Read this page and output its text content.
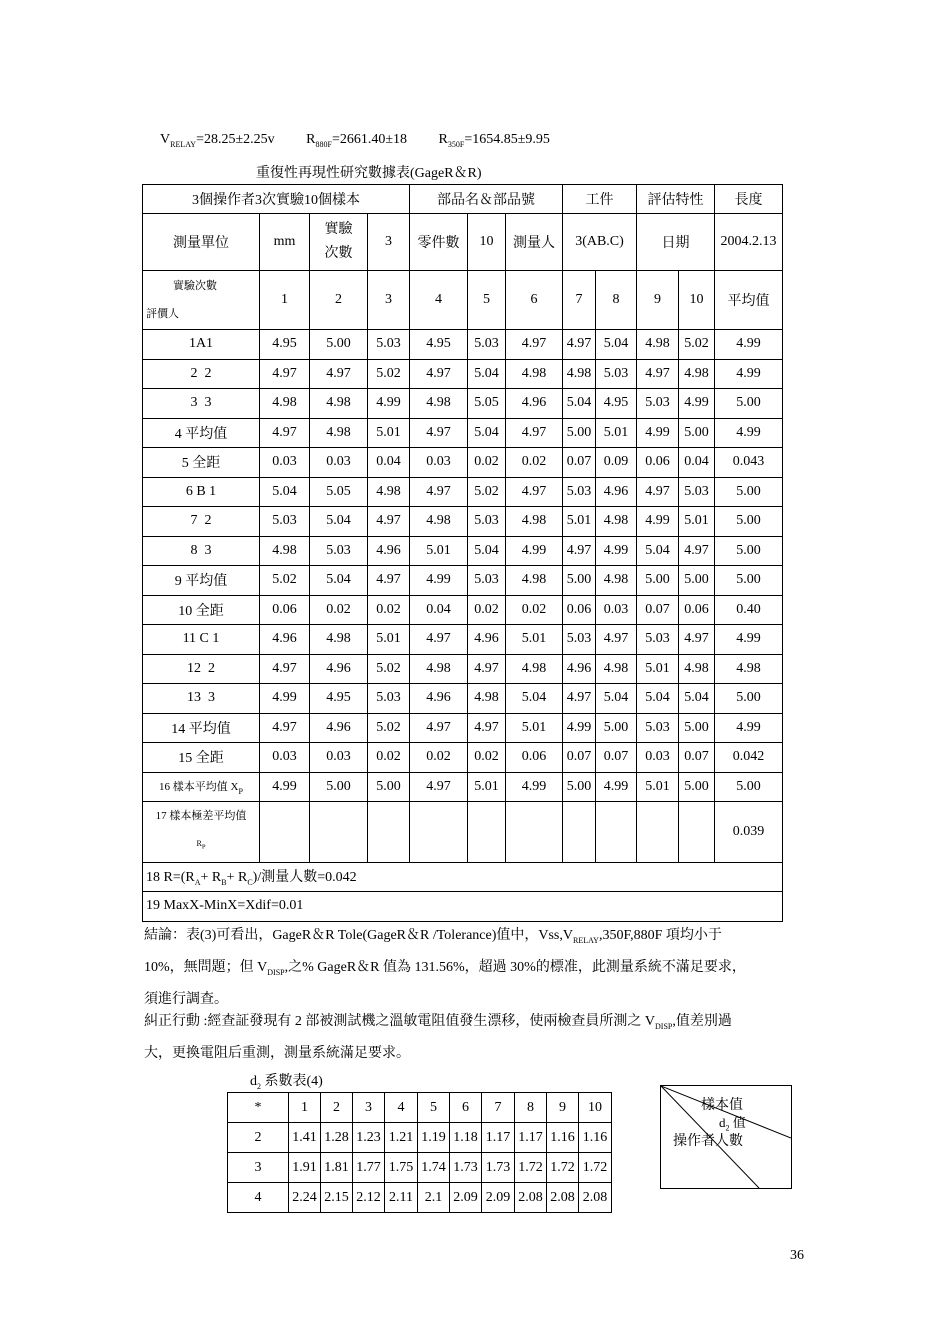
$V_{RELAY}=28.25\pm 2.25v$ $R_{880F}=2661.40\pm 18$ $R_{350F}=1654.85\pm 9.95$
重復性再現性研究數據表(GageR＆R)
3個操作者3次實驗10個樣本				部品名＆部品號			工件		評估特性		長度
測量單位	mm	實驗
次數	3	零件數	10	測量人	3(AB.C)		日期		2004.2.13

實驗次數
評價人	1	2	3	4	5	6	7	8	9	10	平均值
1A1	4.95	5.00	5.03	4.95	5.03	4.97	4.97	5.04	4.98	5.02	4.99
2  2	4.97	4.97	5.02	4.97	5.04	4.98	4.98	5.03	4.97	4.98	4.99
3  3	4.98	4.98	4.99	4.98	5.05	4.96	5.04	4.95	5.03	4.99	5.00
4 平均值	4.97	4.98	5.01	4.97	5.04	4.97	5.00	5.01	4.99	5.00	4.99
5 全距	0.03	0.03	0.04	0.03	0.02	0.02	0.07	0.09	0.06	0.04	0.043
6 B 1	5.04	5.05	4.98	4.97	5.02	4.97	5.03	4.96	4.97	5.03	5.00
7  2	5.03	5.04	4.97	4.98	5.03	4.98	5.01	4.98	4.99	5.01	5.00
8  3	4.98	5.03	4.96	5.01	5.04	4.99	4.97	4.99	5.04	4.97	5.00
9 平均值	5.02	5.04	4.97	4.99	5.03	4.98	5.00	4.98	5.00	5.00	5.00
10 全距	0.06	0.02	0.02	0.04	0.02	0.02	0.06	0.03	0.07	0.06	0.40
11 C 1	4.96	4.98	5.01	4.97	4.96	5.01	5.03	4.97	5.03	4.97	4.99
12  2	4.97	4.96	5.02	4.98	4.97	4.98	4.96	4.98	5.01	4.98	4.98
13  3	4.99	4.95	5.03	4.96	4.98	5.04	4.97	5.04	5.04	5.04	5.00
14 平均值	4.97	4.96	5.02	4.97	4.97	5.01	4.99	5.00	5.03	5.00	4.99
15 全距	0.03	0.03	0.02	0.02	0.02	0.06	0.07	0.07	0.03	0.07	0.042
16 樣本平均值 $X_P$	4.99	5.00	5.00	4.97	5.01	4.99	5.00	4.99	5.01	5.00	5.00

17 樣本極差平均值
$R_P$											0.039
18 $R=(R_A+ R_B+ R_C)/$測量人數=0.042											
19 MaxX-MinX=Xdif=0.01											
結論：表(3)可看出，GageR＆R Tole(GageR＆R /Tolerance)值中，$Vss,V_{RELAY},350F,880F$ 項均小于
10%，無問題；但 $V_{DISP}$,之% GageR＆R 值為 131.56%，超過 30%的標准，此測量系統不滿足要求，
須進行調查。
糾正行動 :經查証發現有 2 部被測試機之溫敏電阻值發生漂移，使兩檢查員所測之 $V_{DISP}$,值差別過
大，更換電阻后重測，測量系統滿足要求。
$d_2$ 系數表(4)
*	1	2	3	4	5	6	7	8	9	10
2	1.41	1.28	1.23	1.21	1.19	1.18	1.17	1.17	1.16	1.16
3	1.91	1.81	1.77	1.75	1.74	1.73	1.73	1.72	1.72	1.72
4	2.24	2.15	2.12	2.11	2.1	2.09	2.09	2.08	2.08	2.08
樣本值
$d_2$ 值
操作者人數
36
